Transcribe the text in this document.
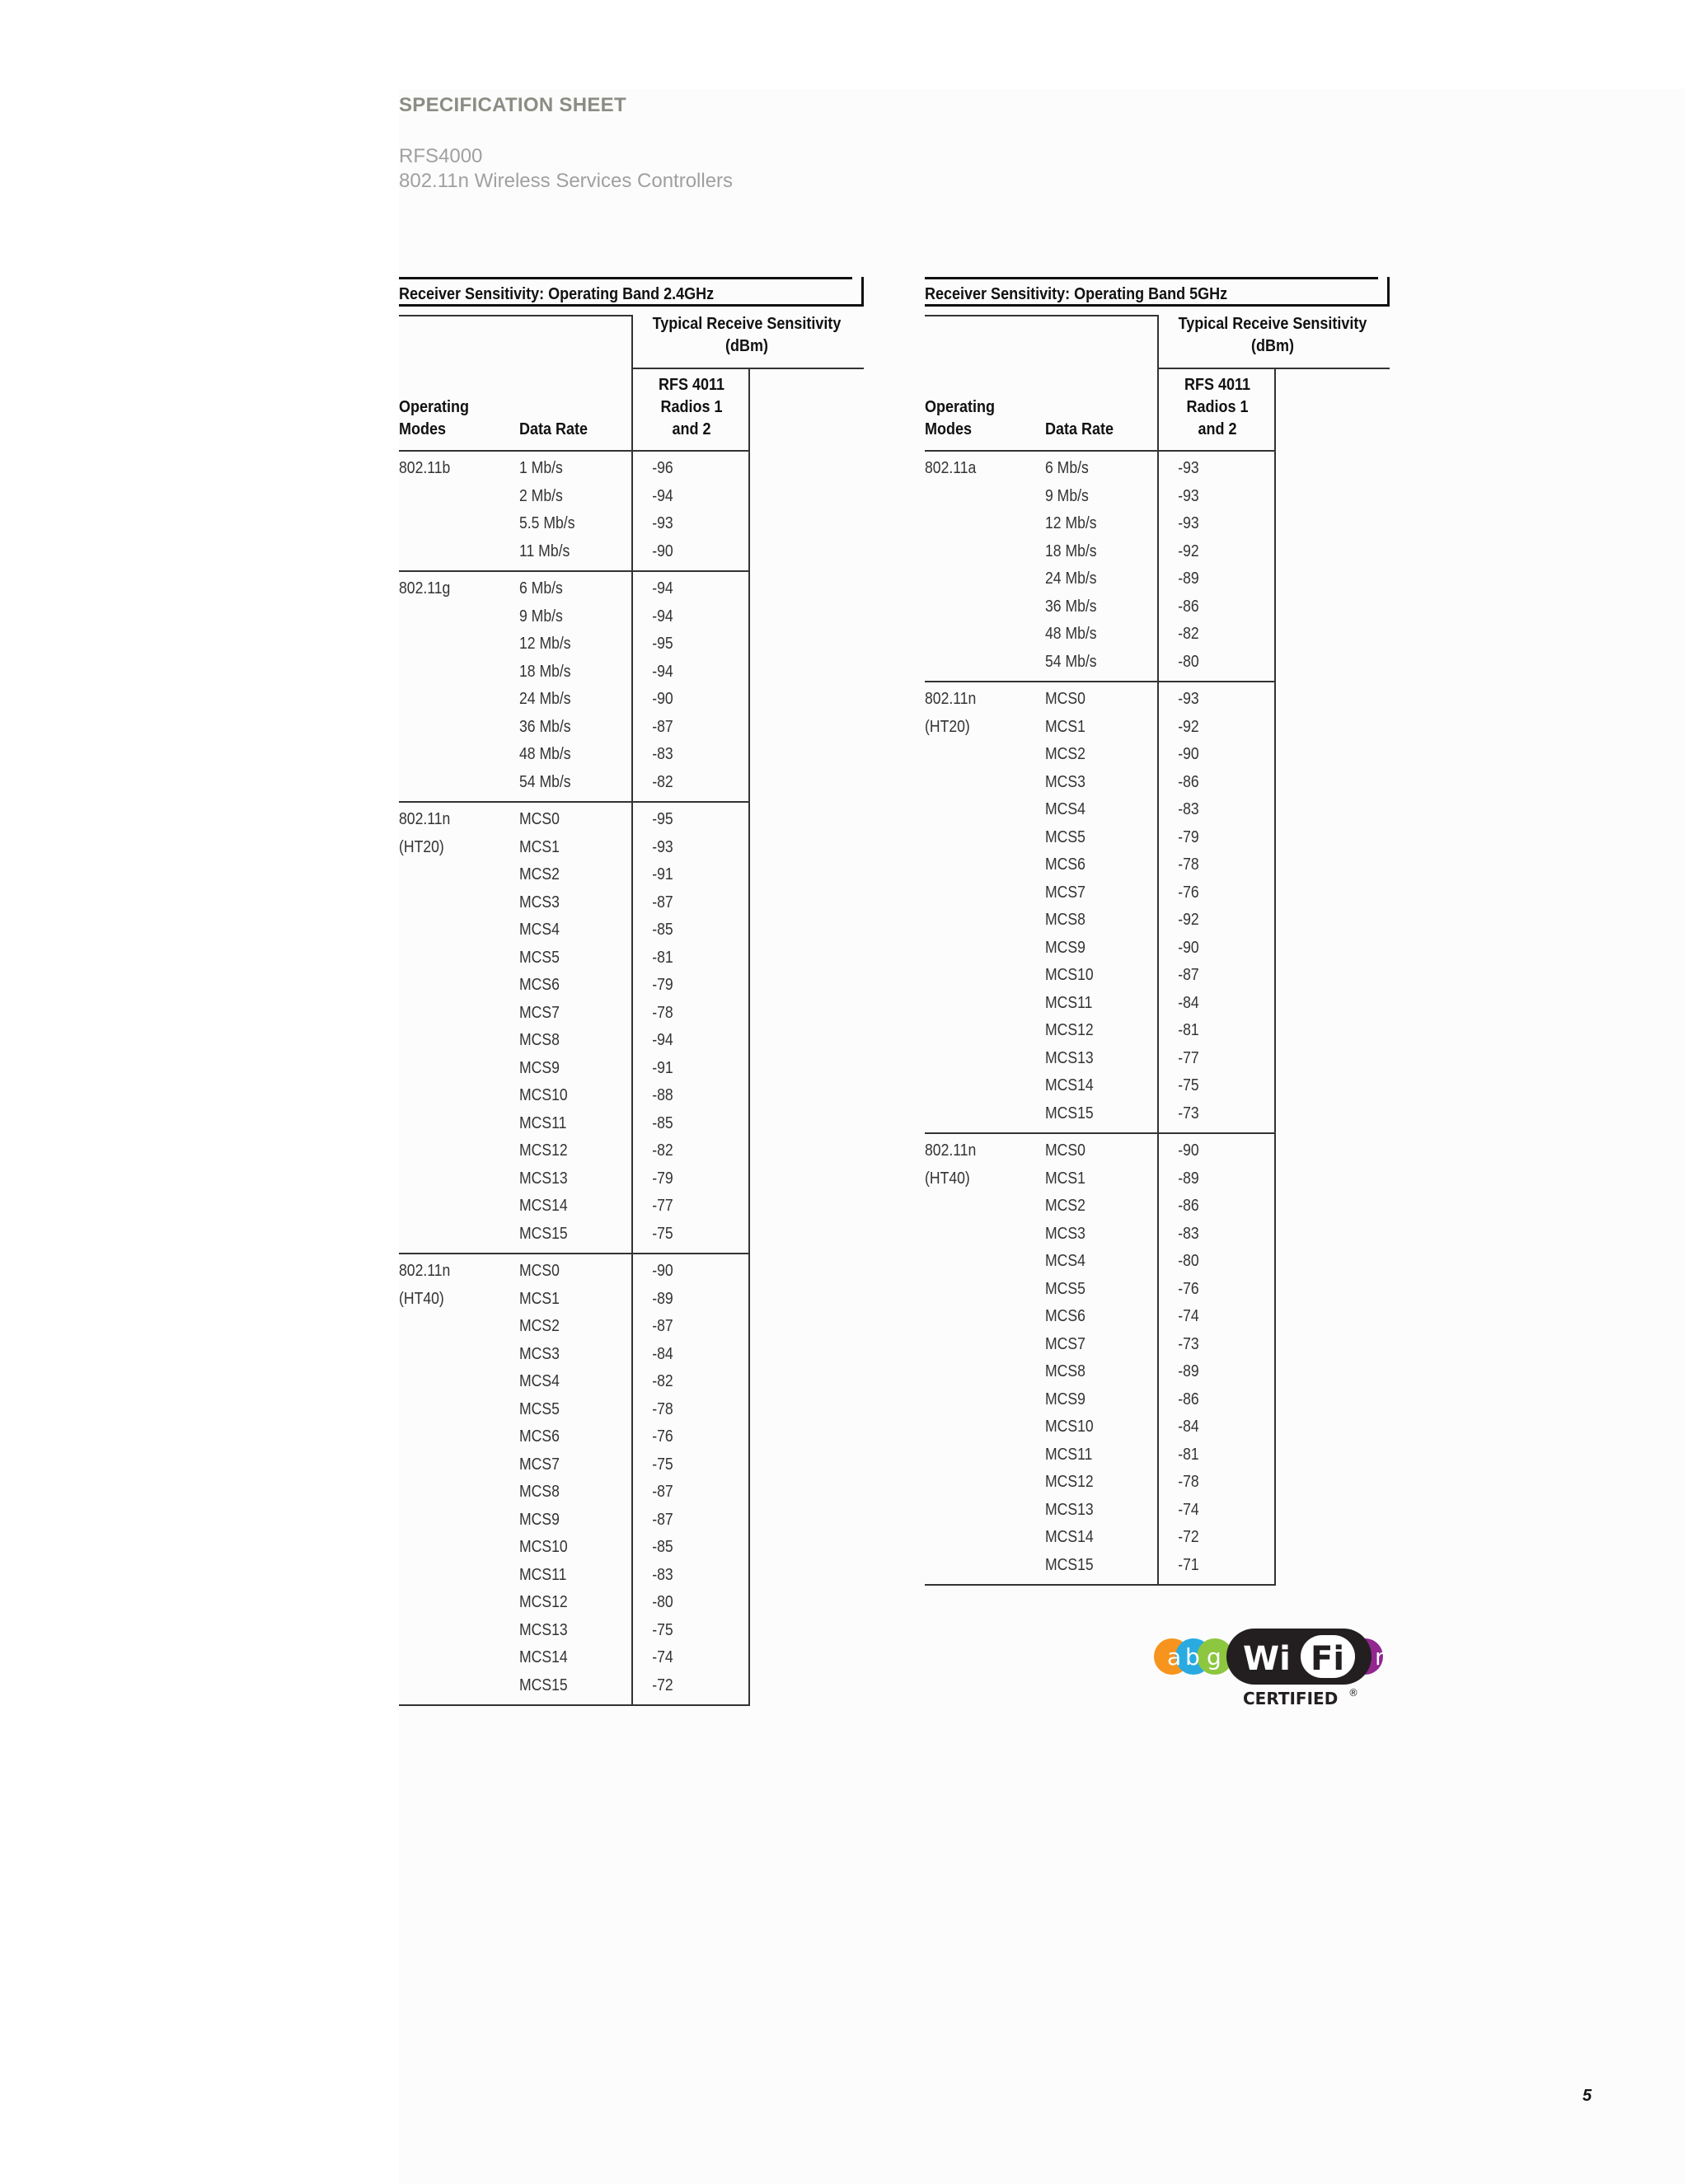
SPECIFICATION SHEET
RFS4000
802.11n Wireless Services Controllers
Receiver Sensitivity: Operating Band 2.4GHz
Typical Receive Sensitivity
(dBm)
RFS 4011
Radios 1
and 2
Operating
Modes	Data Rate
802.11b	1 Mb/s	-96
2 Mb/s	-94
5.5 Mb/s	-93
11 Mb/s	-90
802.11g	6 Mb/s	-94
9 Mb/s	-94
12 Mb/s	-95
18 Mb/s	-94
24 Mb/s	-90
36 Mb/s	-87
48 Mb/s	-83
54 Mb/s	-82
802.11n	MCS0	-95
(HT20)	MCS1	-93
MCS2	-91
MCS3	-87
MCS4	-85
MCS5	-81
MCS6	-79
MCS7	-78
MCS8	-94
MCS9	-91
MCS10	-88
MCS11	-85
MCS12	-82
MCS13	-79
MCS14	-77
MCS15	-75
802.11n	MCS0	-90
(HT40)	MCS1	-89
MCS2	-87
MCS3	-84
MCS4	-82
MCS5	-78
MCS6	-76
MCS7	-75
MCS8	-87
MCS9	-87
MCS10	-85
MCS11	-83
MCS12	-80
MCS13	-75
MCS14	-74
MCS15	-72
Receiver Sensitivity: Operating Band 5GHz
Typical Receive Sensitivity
(dBm)
RFS 4011
Radios 1
and 2
Operating
Modes	Data Rate
802.11a	6 Mb/s	-93
9 Mb/s	-93
12 Mb/s	-93
18 Mb/s	-92
24 Mb/s	-89
36 Mb/s	-86
48 Mb/s	-82
54 Mb/s	-80
802.11n	MCS0	-93
(HT20)	MCS1	-92
MCS2	-90
MCS3	-86
MCS4	-83
MCS5	-79
MCS6	-78
MCS7	-76
MCS8	-92
MCS9	-90
MCS10	-87
MCS11	-84
MCS12	-81
MCS13	-77
MCS14	-75
MCS15	-73
802.11n	MCS0	-90
(HT40)	MCS1	-89
MCS2	-86
MCS3	-83
MCS4	-80
MCS5	-76
MCS6	-74
MCS7	-73
MCS8	-89
MCS9	-86
MCS10	-84
MCS11	-81
MCS12	-78
MCS13	-74
MCS14	-72
MCS15	-71
a b g	n
Wi Fi
CERTIFIED ®
5
